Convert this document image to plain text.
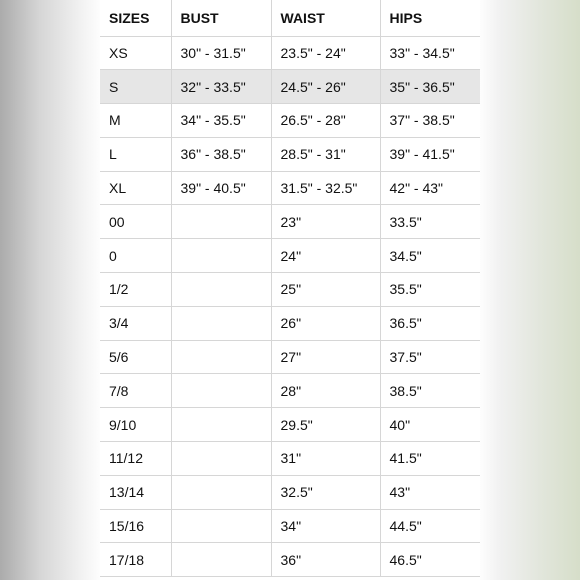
SIZES	BUST	WAIST	HIPS
XS	30" - 31.5"	23.5" - 24"	33" - 34.5"
S	32" - 33.5"	24.5" - 26"	35" - 36.5"
M	34" - 35.5"	26.5" - 28"	37" - 38.5"
L	36" - 38.5"	28.5" - 31"	39" - 41.5"
XL	39" - 40.5"	31.5" - 32.5"	42" - 43"
00		23"	33.5"
0		24"	34.5"
1/2		25"	35.5"
3/4		26"	36.5"
5/6		27"	37.5"
7/8		28"	38.5"
9/10		29.5"	40"
11/12		31"	41.5"
13/14		32.5"	43"
15/16		34"	44.5"
17/18		36"	46.5"
